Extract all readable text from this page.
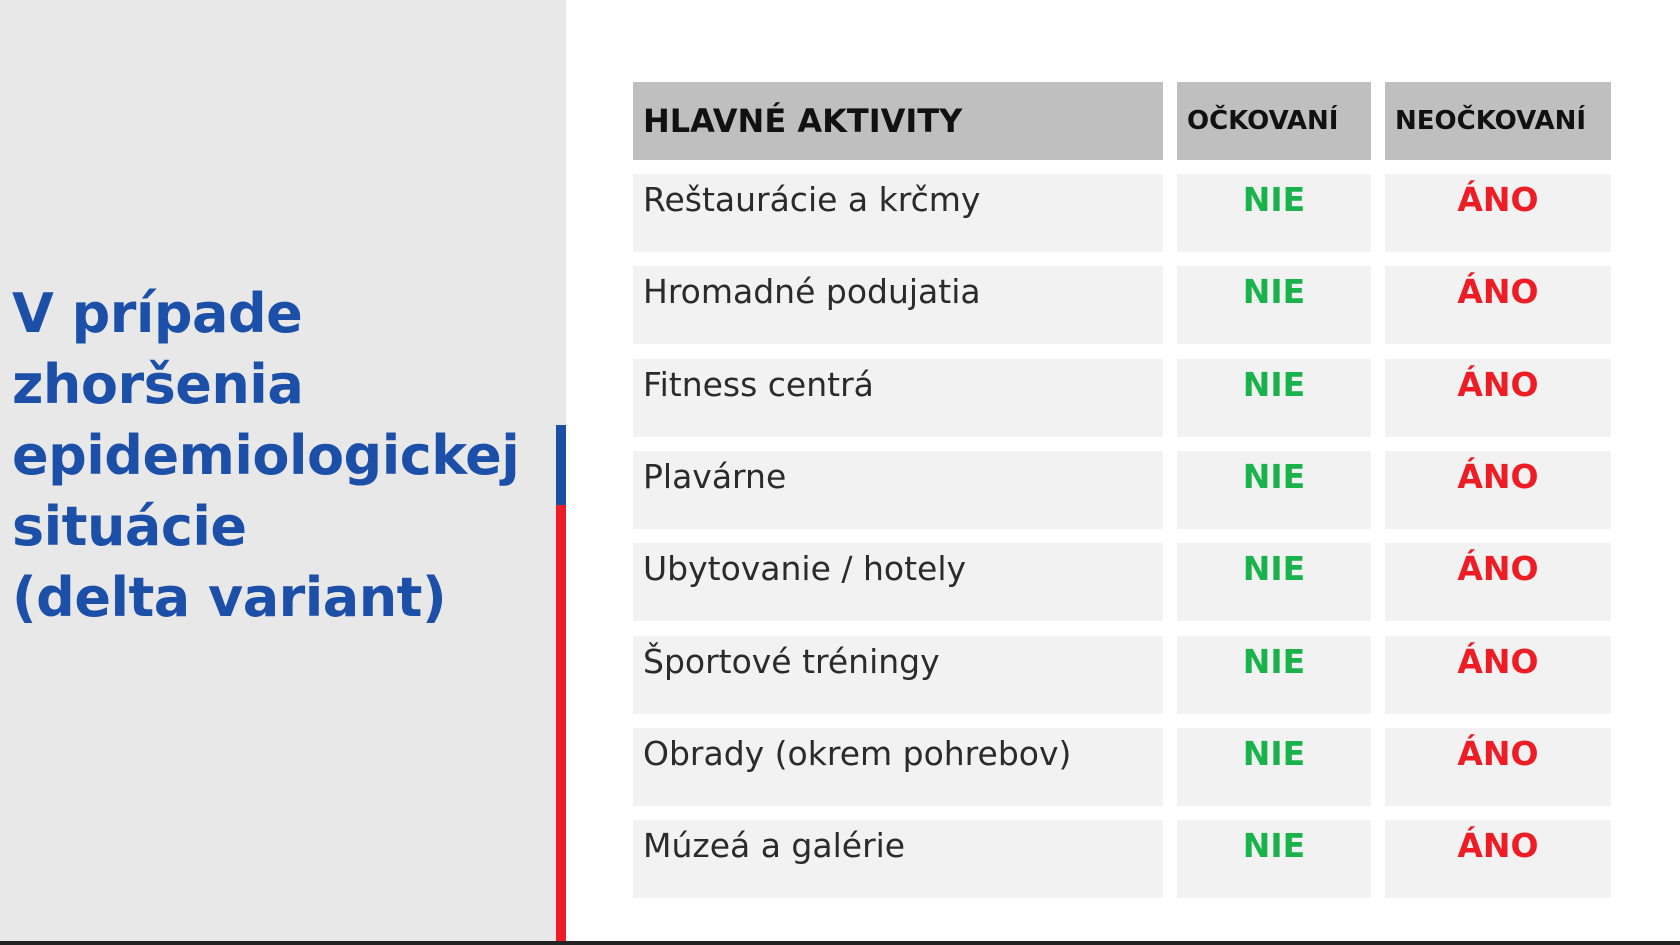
V prípade
zhoršenia
epidemiologickej
situácie
(delta variant)
HLAVNÉ AKTIVITY	OČKOVANÍ	NEOČKOVANÍ
Reštaurácie a krčmy	NIE	ÁNO
Hromadné podujatia	NIE	ÁNO
Fitness centrá	NIE	ÁNO
Plavárne	NIE	ÁNO
Ubytovanie / hotely	NIE	ÁNO
Športové tréningy	NIE	ÁNO
Obrady (okrem pohrebov)	NIE	ÁNO
Múzeá a galérie	NIE	ÁNO
